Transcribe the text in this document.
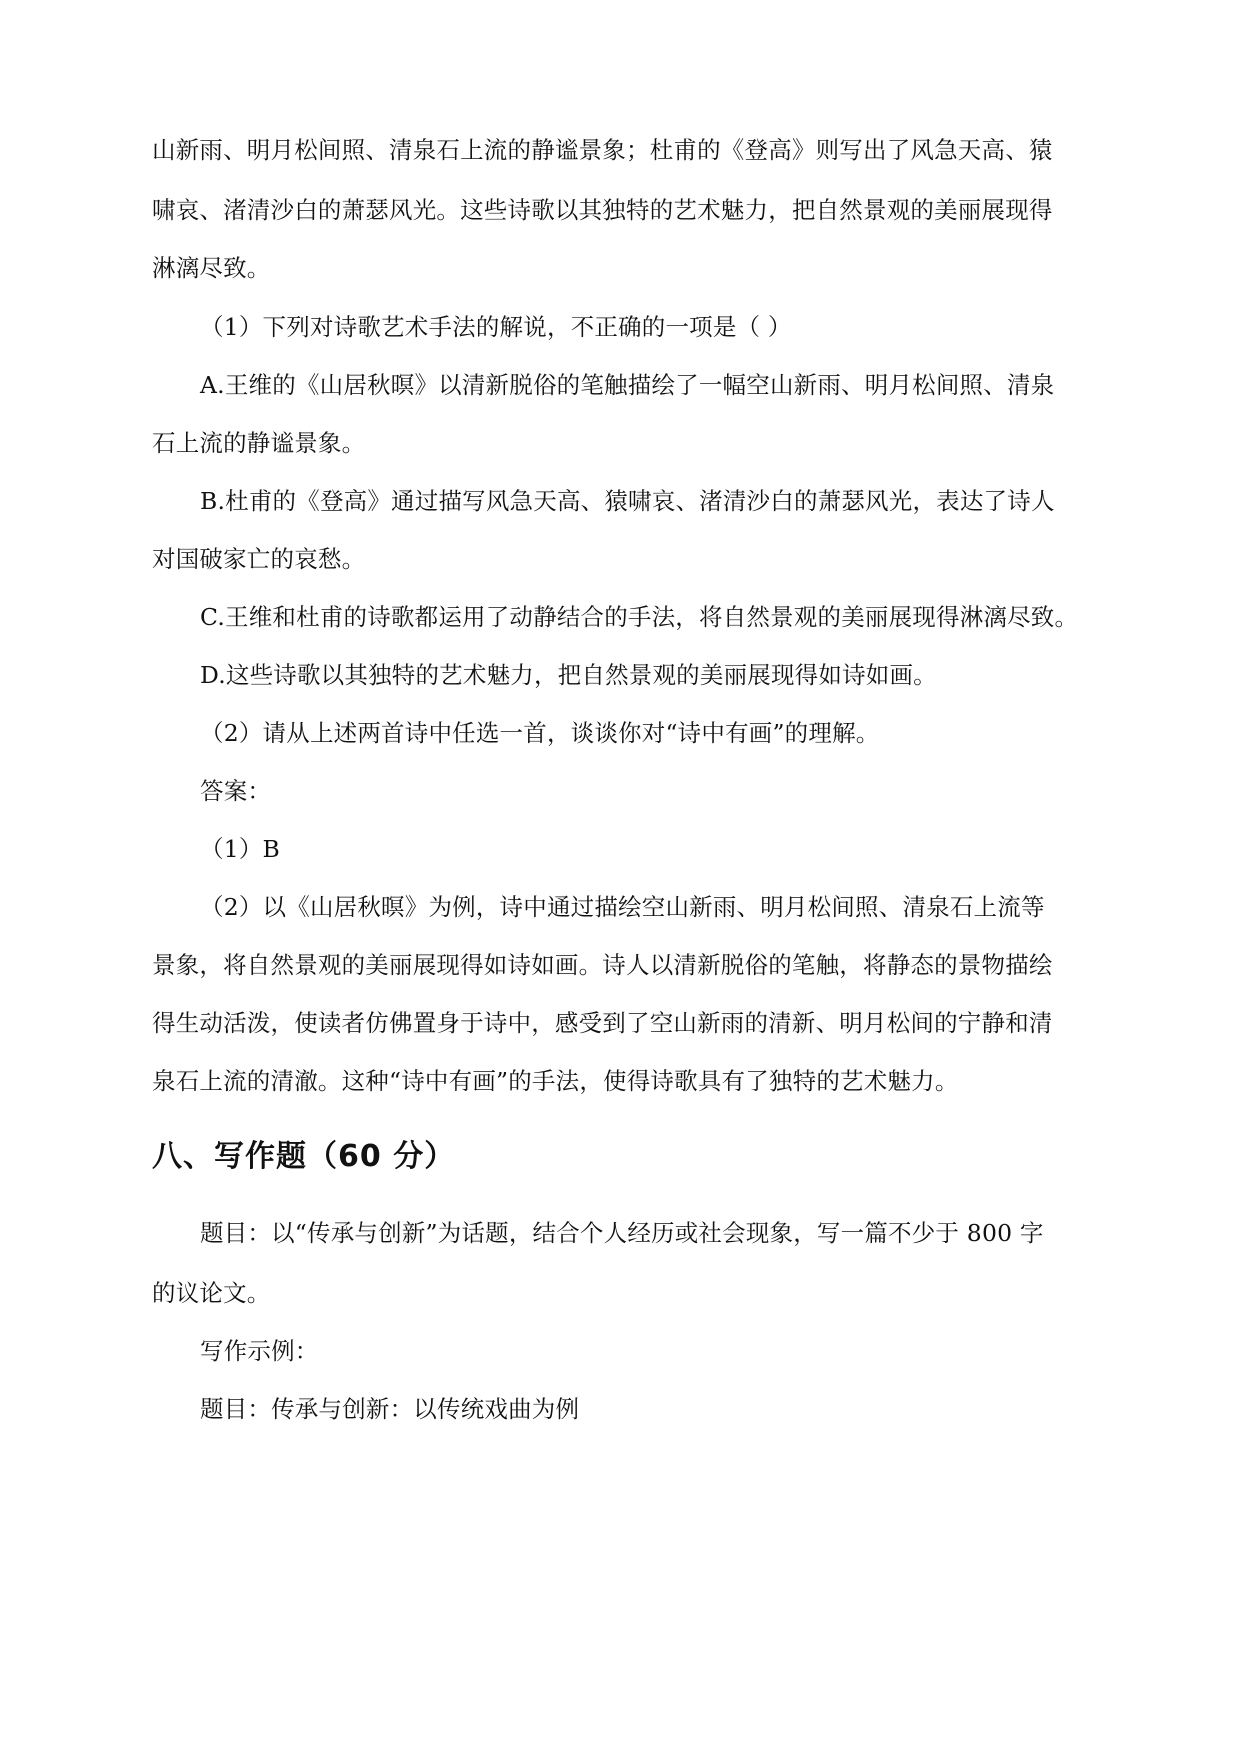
山新雨、明月松间照、清泉石上流的静谧景象；杜甫的《登高》则写出了风急天高、猿
啸哀、渚清沙白的萧瑟风光。这些诗歌以其独特的艺术魅力，把自然景观的美丽展现得
淋漓尽致。
（1）下列对诗歌艺术手法的解说，不正确的一项是（ ）
A.王维的《山居秋暝》以清新脱俗的笔触描绘了一幅空山新雨、明月松间照、清泉
石上流的静谧景象。
B.杜甫的《登高》通过描写风急天高、猿啸哀、渚清沙白的萧瑟风光，表达了诗人
对国破家亡的哀愁。
C.王维和杜甫的诗歌都运用了动静结合的手法，将自然景观的美丽展现得淋漓尽致。
D.这些诗歌以其独特的艺术魅力，把自然景观的美丽展现得如诗如画。
（2）请从上述两首诗中任选一首，谈谈你对“诗中有画”的理解。
答案：
（1）B
（2）以《山居秋暝》为例，诗中通过描绘空山新雨、明月松间照、清泉石上流等
景象，将自然景观的美丽展现得如诗如画。诗人以清新脱俗的笔触，将静态的景物描绘
得生动活泼，使读者仿佛置身于诗中，感受到了空山新雨的清新、明月松间的宁静和清
泉石上流的清澈。这种“诗中有画”的手法，使得诗歌具有了独特的艺术魅力。
八、写作题（60 分）
题目：以“传承与创新”为话题，结合个人经历或社会现象，写一篇不少于 800 字
的议论文。
写作示例：
题目：传承与创新：以传统戏曲为例
